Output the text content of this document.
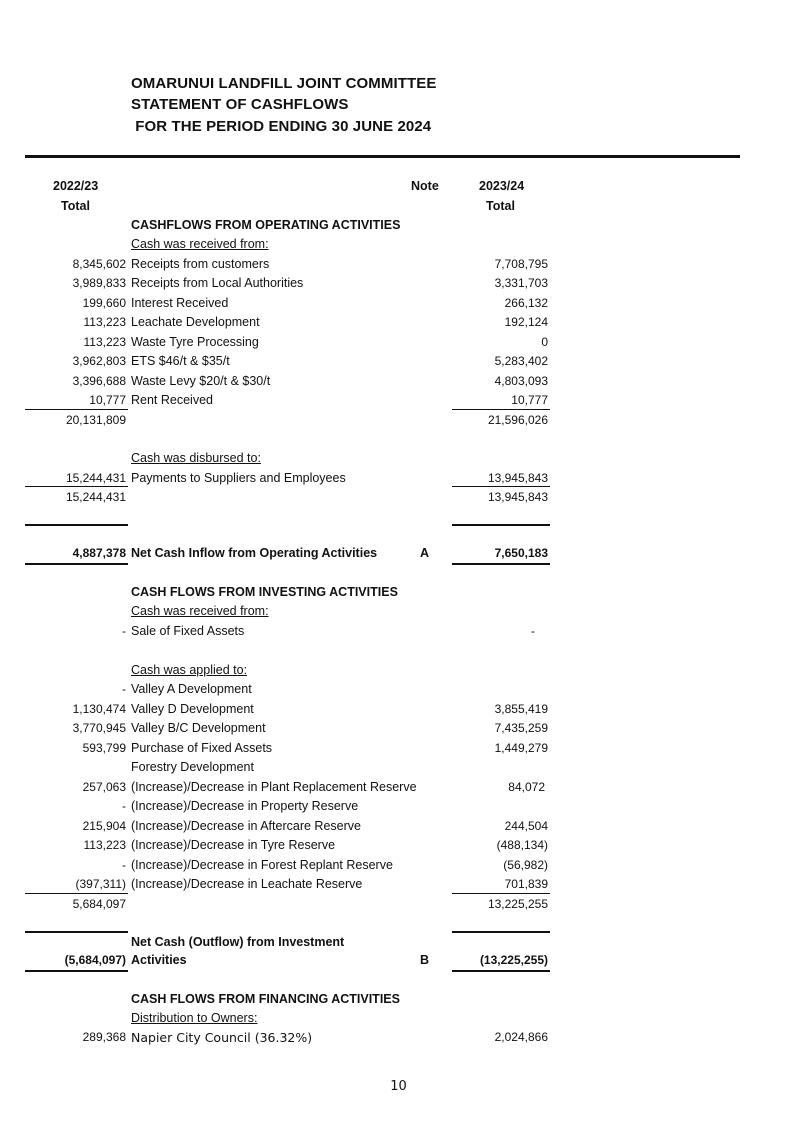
OMARUNUI LANDFILL JOINT COMMITTEE
STATEMENT OF CASHFLOWS
FOR THE PERIOD ENDING 30 JUNE 2024
2022/23
Total
Note	2023/24
Total
CASHFLOWS FROM OPERATING ACTIVITIES
Cash was received from:
8,345,602 Receipts from customers	7,708,795
3,989,833 Receipts from Local Authorities	3,331,703
199,660 Interest Received	266,132
113,223 Leachate Development	192,124
113,223 Waste Tyre Processing	0
3,962,803 ETS $46/t & $35/t	5,283,402
3,396,688 Waste Levy $20/t & $30/t	4,803,093
10,777 Rent Received	10,777
20,131,809	21,596,026
Cash was disbursed to:
15,244,431 Payments to Suppliers and Employees	13,945,843
15,244,431	13,945,843
4,887,378 Net Cash Inflow from Operating Activities	A	7,650,183
CASH FLOWS FROM INVESTING ACTIVITIES
Cash was received from:
- Sale of Fixed Assets	-
Cash was applied to:
- Valley A Development
1,130,474 Valley D Development	3,855,419
3,770,945 Valley B/C Development	7,435,259
593,799 Purchase of Fixed Assets	1,449,279
Forestry Development
257,063 (Increase)/Decrease in Plant Replacement Reserve	84,072
- (Increase)/Decrease in Property Reserve
215,904 (Increase)/Decrease in Aftercare Reserve	244,504
113,223 (Increase)/Decrease in Tyre Reserve	(488,134)
- (Increase)/Decrease in Forest Replant Reserve	(56,982)
(397,311) (Increase)/Decrease in Leachate Reserve	701,839
5,684,097	13,225,255
Net Cash (Outflow) from Investment
(5,684,097) Activities	B	(13,225,255)
CASH FLOWS FROM FINANCING ACTIVITIES
Distribution to Owners:
289,368 Napier City Council (36.32%)	2,024,866
10
